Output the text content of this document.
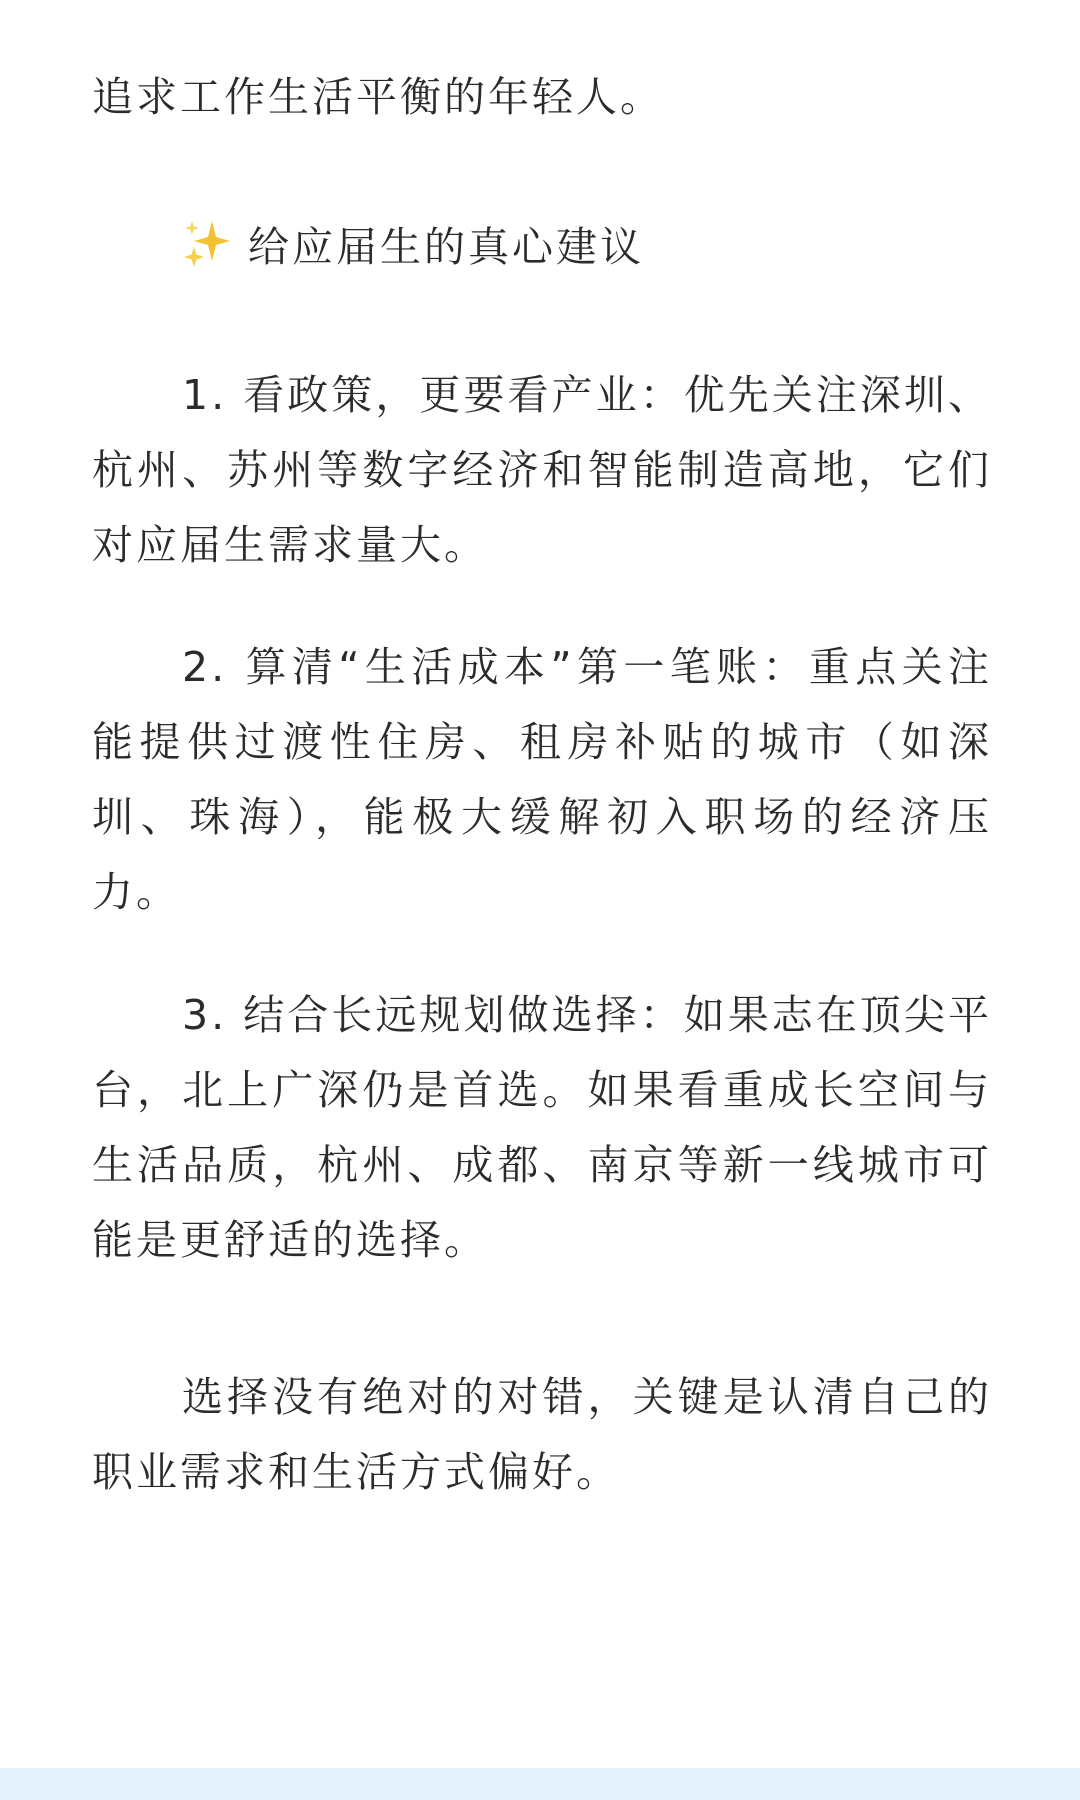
追求工作生活平衡的年轻人。

给应届生的真心建议

1. 看政策，更要看产业：优先关注深圳、杭州、苏州等数字经济和智能制造高地，它们对应届生需求量大。

2. 算清“生活成本”第一笔账：重点关注能提供过渡性住房、租房补贴的城市（如深圳、珠海），能极大缓解初入职场的经济压力。

3. 结合长远规划做选择：如果志在顶尖平台，北上广深仍是首选。如果看重成长空间与生活品质，杭州、成都、南京等新一线城市可能是更舒适的选择。

选择没有绝对的对错，关键是认清自己的职业需求和生活方式偏好。
